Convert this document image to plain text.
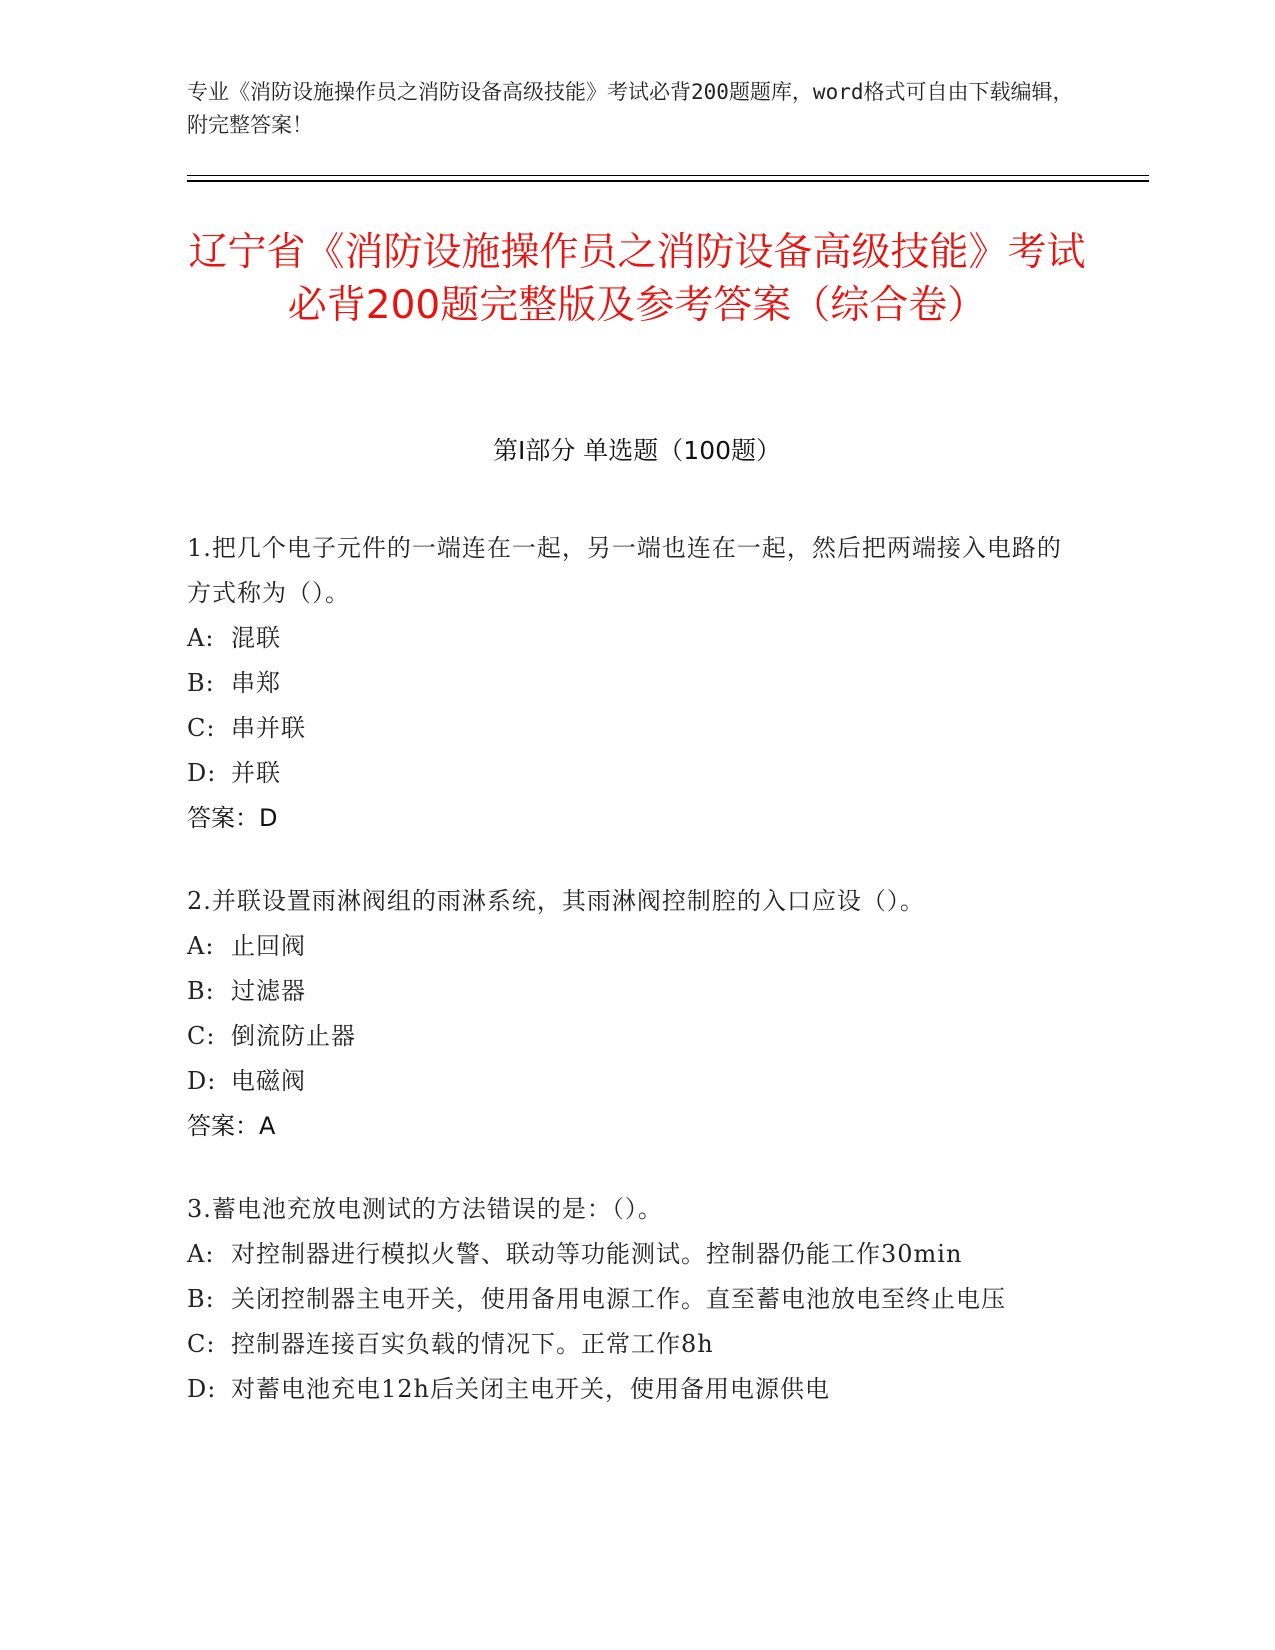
专业《消防设施操作员之消防设备高级技能》考试必背200题题库，word格式可自由下载编辑，附完整答案！
辽宁省《消防设施操作员之消防设备高级技能》考试必背200题完整版及参考答案（综合卷）
第I部分 单选题（100题）
1.把几个电子元件的一端连在一起，另一端也连在一起，然后把两端接入电路的方式称为（）。
A: 混联
B: 串郑
C: 串并联
D: 并联
答案：D
2.并联设置雨淋阀组的雨淋系统，其雨淋阀控制腔的入口应设（）。
A: 止回阀
B: 过滤器
C: 倒流防止器
D: 电磁阀
答案：A
3.蓄电池充放电测试的方法错误的是：（）。
A: 对控制器进行模拟火警、联动等功能测试。控制器仍能工作30min
B: 关闭控制器主电开关，使用备用电源工作。直至蓄电池放电至终止电压
C: 控制器连接百实负载的情况下。正常工作8h
D: 对蓄电池充电12h后关闭主电开关，使用备用电源供电
